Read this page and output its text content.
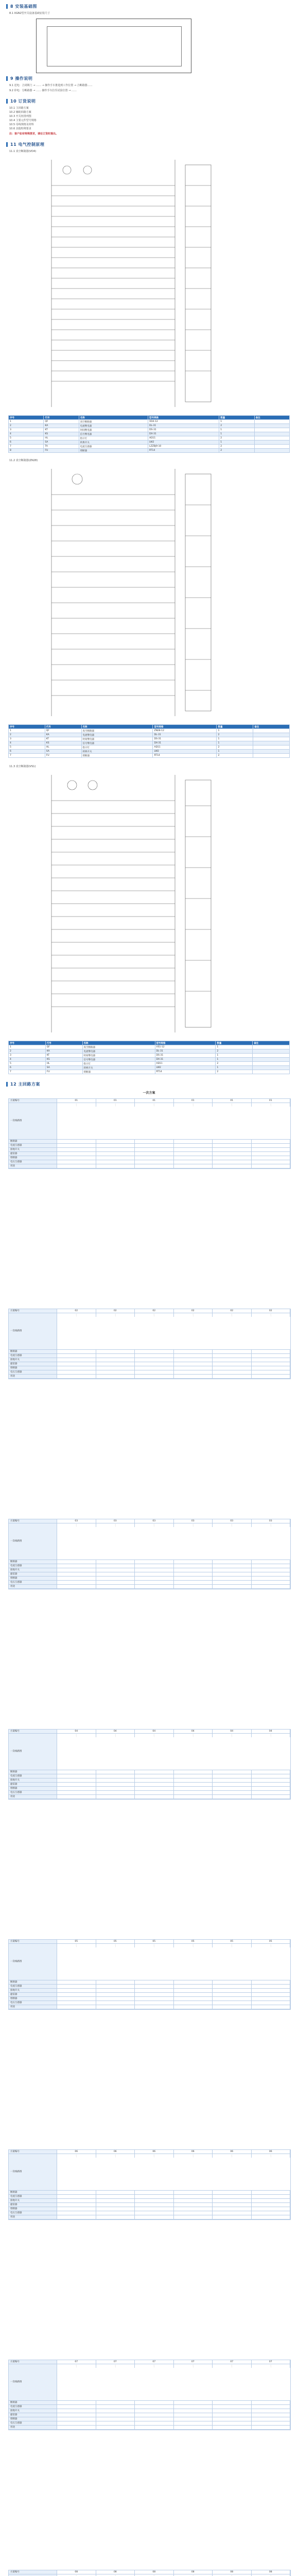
8 安装基础图
8.1 XGN2型开关设备基础安装尺寸
9 操作说明
9.1 送电：合闭锁门 → …… → 操作手车推进到工作位置 → 合断路器……
9.2 停电：分断路器 → …… 操作手车拉至试验位置 → ……
10 订货说明
10.1 主回路方案
10.2 辅助回路方案
10.3 开关柜排列图
10.4 主要元件型号规格
10.5 母线规格及材料
10.6 其他特殊要求
注：客户如有特殊要求，请在订货时提出。
11 电气控制原理
11.1 真空断路器(VD4)
序号	代号	名称	型号规格	数量	备注
1	QF	真空断路器	VD4-12	1	
2	KA	电流继电器	DL-31	2	
3	KT	时间继电器	DS-31	1	
4	KS	信号继电器	DX-31	1	
5	HL	指示灯	AD11	2	
6	SA	转换开关	LW2	1	
7	TA	电流互感器	LZZBJ9-10	2	
8	FU	熔断器	RT14	2	
11.2 真空断路器(ZN28)
序号	代号	名称	型号规格	数量	备注
1	QF	真空断路器	ZN28-12	1	
2	KA	电流继电器	DL-31	2	
3	KT	时间继电器	DS-31	1	
4	KS	信号继电器	DX-31	1	
5	HL	指示灯	AD11	2	
6	SA	转换开关	LW2	1	
7	FU	熔断器	RT14	2	
11.3 真空断路器(VS1)
序号	代号	名称	型号规格	数量	备注
1	QF	真空断路器	VS1-12	1	
2	KA	电流继电器	DL-31	2	
3	KT	时间继电器	DS-31	1	
4	KS	信号继电器	DX-31	1	
5	HL	指示灯	AD11	2	
6	SA	转换开关	LW2	1	
7	FU	熔断器	RT14	2	
12 主回路方案
一次方案
方案编号	01	01	01	01	01	01
一次线路图
断路器
电流互感器
接地开关
避雷器
熔断器
电压互感器
用途
方案编号	02	02	02	02	02	02
一次线路图
断路器
电流互感器
接地开关
避雷器
熔断器
电压互感器
用途
方案编号	03	03	03	03	03	03
一次线路图
断路器
电流互感器
接地开关
避雷器
熔断器
电压互感器
用途
方案编号	04	04	04	04	04	04
一次线路图
断路器
电流互感器
接地开关
避雷器
熔断器
电压互感器
用途
方案编号	05	05	05	05	05	05
一次线路图
断路器
电流互感器
接地开关
避雷器
熔断器
电压互感器
用途
方案编号	06	06	06	06	06	06
一次线路图
断路器
电流互感器
接地开关
避雷器
熔断器
电压互感器
用途
方案编号	07	07	07	07	07	07
一次线路图
断路器
电流互感器
接地开关
避雷器
熔断器
电压互感器
用途
方案编号	08	08	08	08	08	08
